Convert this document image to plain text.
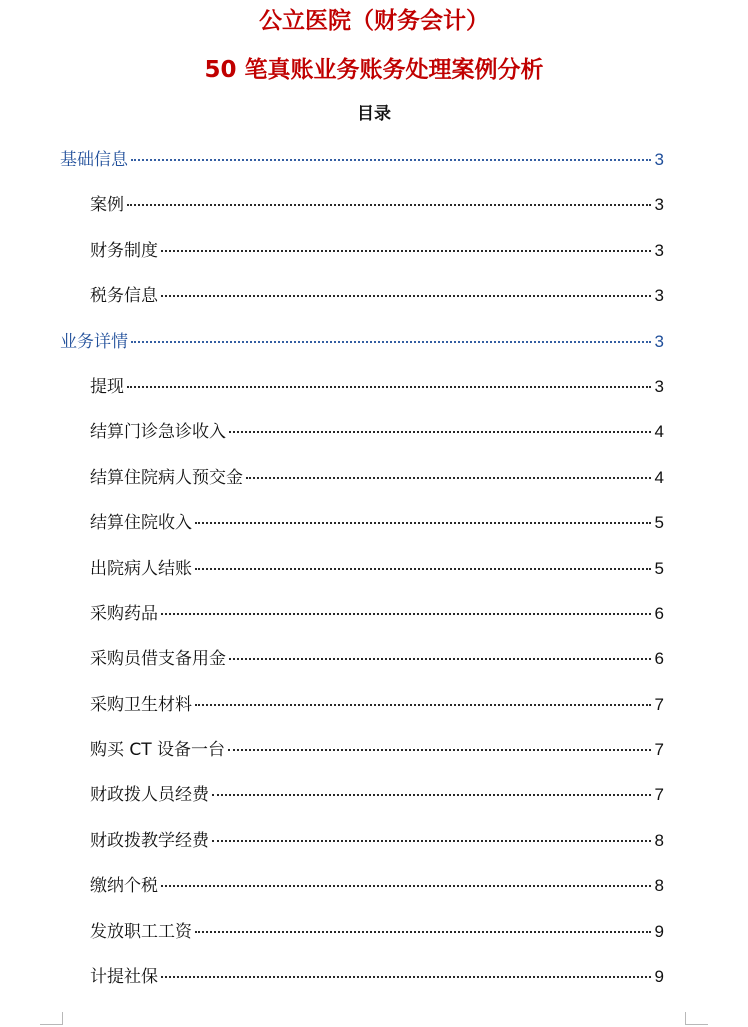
公立医院（财务会计）
50 笔真账业务账务处理案例分析
目录
基础信息	3
案例	3
财务制度	3
税务信息	3
业务详情	3
提现	3
结算门诊急诊收入	4
结算住院病人预交金	4
结算住院收入	5
出院病人结账	5
采购药品	6
采购员借支备用金	6
采购卫生材料	7
购买 CT 设备一台	7
财政拨人员经费	7
财政拨教学经费	8
缴纳个税	8
发放职工工资	9
计提社保	9
